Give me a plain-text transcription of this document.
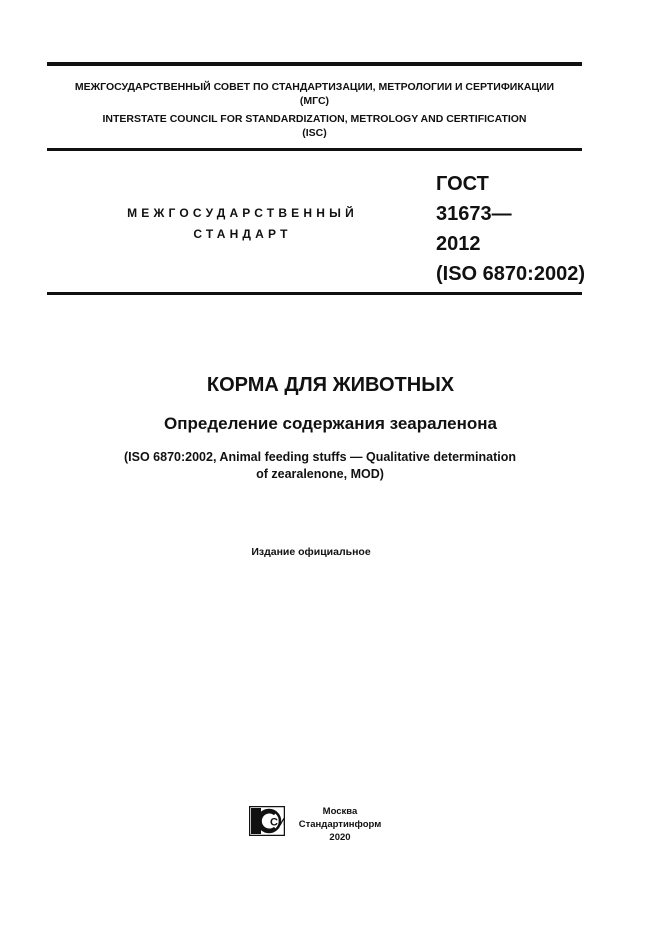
МЕЖГОСУДАРСТВЕННЫЙ СОВЕТ ПО СТАНДАРТИЗАЦИИ, МЕТРОЛОГИИ И СЕРТИФИКАЦИИ
(МГС)
INTERSTATE COUNCIL FOR STANDARDIZATION, METROLOGY AND CERTIFICATION
(ISC)
МЕЖГОСУДАРСТВЕННЫЙ
СТАНДАРТ
ГОСТ
31673—
2012
(ISO 6870:2002)
КОРМА ДЛЯ ЖИВОТНЫХ
Определение содержания зеараленона
(ISO 6870:2002, Animal feeding stuffs — Qualitative determination
of zearalenone, MOD)
Издание официальное
СИ
Москва
Стандартинформ
2020
